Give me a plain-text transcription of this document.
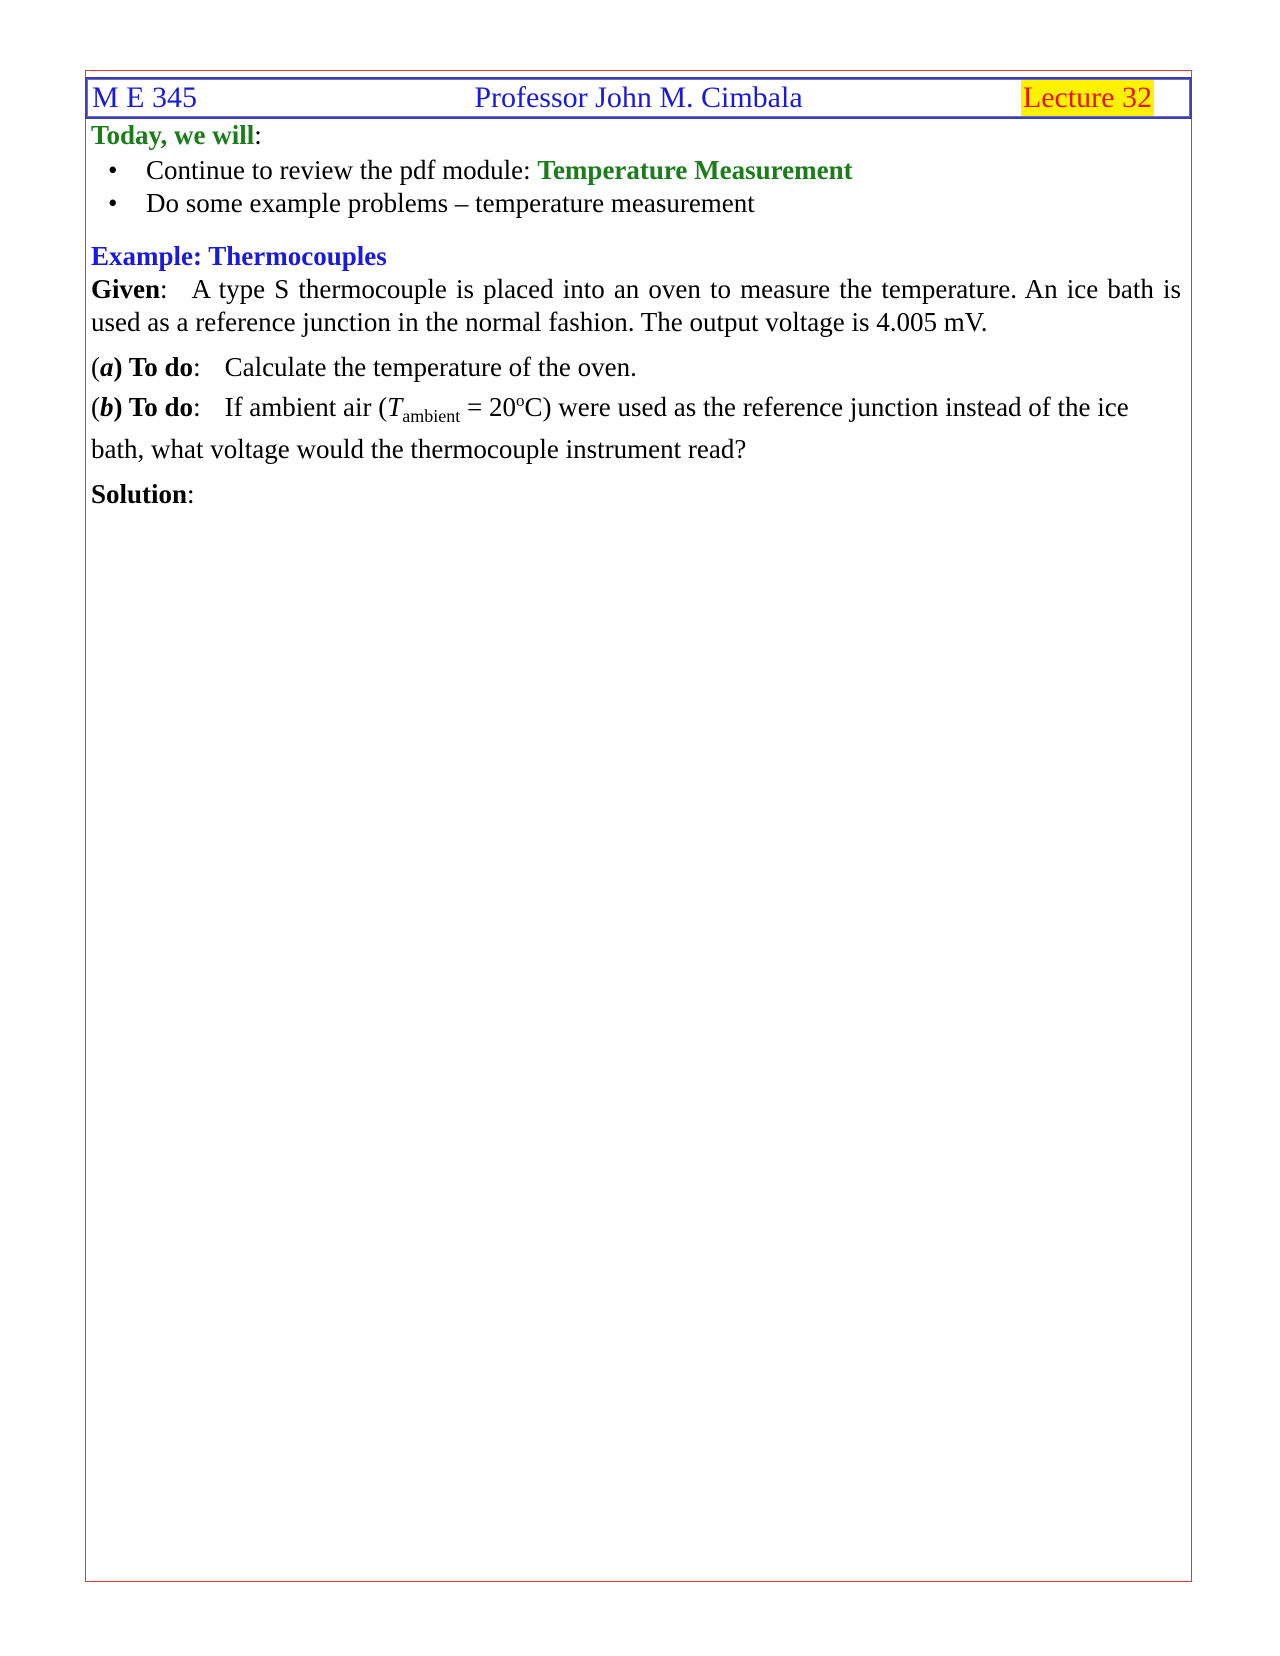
M E 345	Professor John M. Cimbala	Lecture 32

Today, we will:

• Continue to review the pdf module: Temperature Measurement
• Do some example problems – temperature measurement

Example: Thermocouples

Given: A type S thermocouple is placed into an oven to measure the temperature. An ice bath is used as a reference junction in the normal fashion. The output voltage is 4.005 mV.

(a) To do: Calculate the temperature of the oven.

(b) To do: If ambient air $(T_{ambient} = 20^oC)$ were used as the reference junction instead of the ice bath, what voltage would the thermocouple instrument read?

Solution:
